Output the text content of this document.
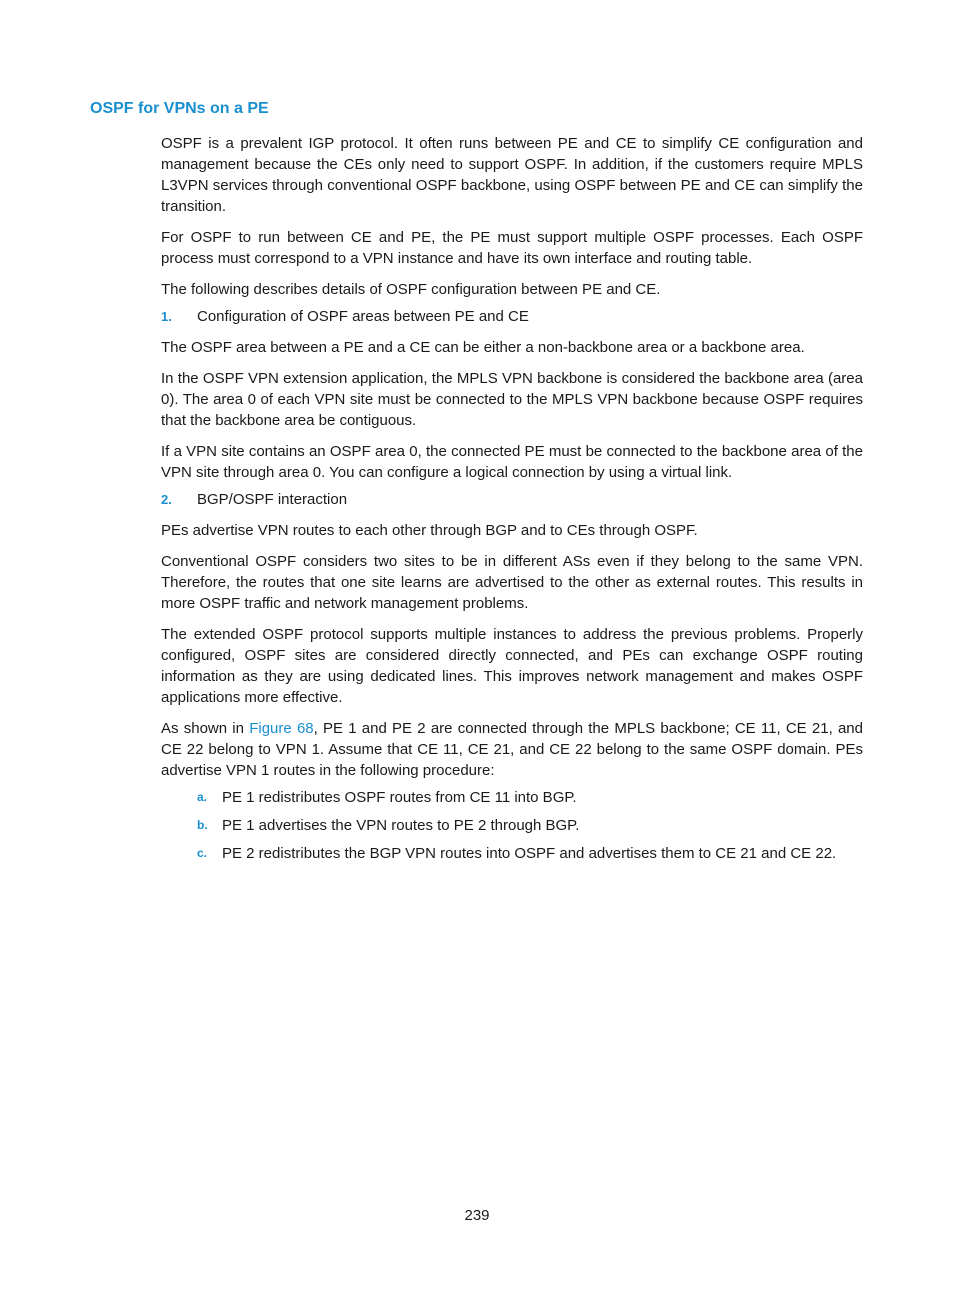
OSPF for VPNs on a PE

OSPF is a prevalent IGP protocol. It often runs between PE and CE to simplify CE configuration and management because the CEs only need to support OSPF. In addition, if the customers require MPLS L3VPN services through conventional OSPF backbone, using OSPF between PE and CE can simplify the transition.

For OSPF to run between CE and PE, the PE must support multiple OSPF processes. Each OSPF process must correspond to a VPN instance and have its own interface and routing table.

The following describes details of OSPF configuration between PE and CE.

1.	Configuration of OSPF areas between PE and CE

The OSPF area between a PE and a CE can be either a non-backbone area or a backbone area.

In the OSPF VPN extension application, the MPLS VPN backbone is considered the backbone area (area 0). The area 0 of each VPN site must be connected to the MPLS VPN backbone because OSPF requires that the backbone area be contiguous.

If a VPN site contains an OSPF area 0, the connected PE must be connected to the backbone area of the VPN site through area 0. You can configure a logical connection by using a virtual link.

2.	BGP/OSPF interaction

PEs advertise VPN routes to each other through BGP and to CEs through OSPF.

Conventional OSPF considers two sites to be in different ASs even if they belong to the same VPN. Therefore, the routes that one site learns are advertised to the other as external routes. This results in more OSPF traffic and network management problems.

The extended OSPF protocol supports multiple instances to address the previous problems. Properly configured, OSPF sites are considered directly connected, and PEs can exchange OSPF routing information as they are using dedicated lines. This improves network management and makes OSPF applications more effective.

As shown in Figure 68, PE 1 and PE 2 are connected through the MPLS backbone; CE 11, CE 21, and CE 22 belong to VPN 1. Assume that CE 11, CE 21, and CE 22 belong to the same OSPF domain. PEs advertise VPN 1 routes in the following procedure:

a. PE 1 redistributes OSPF routes from CE 11 into BGP.
b. PE 1 advertises the VPN routes to PE 2 through BGP.
c. PE 2 redistributes the BGP VPN routes into OSPF and advertises them to CE 21 and CE 22.
239
